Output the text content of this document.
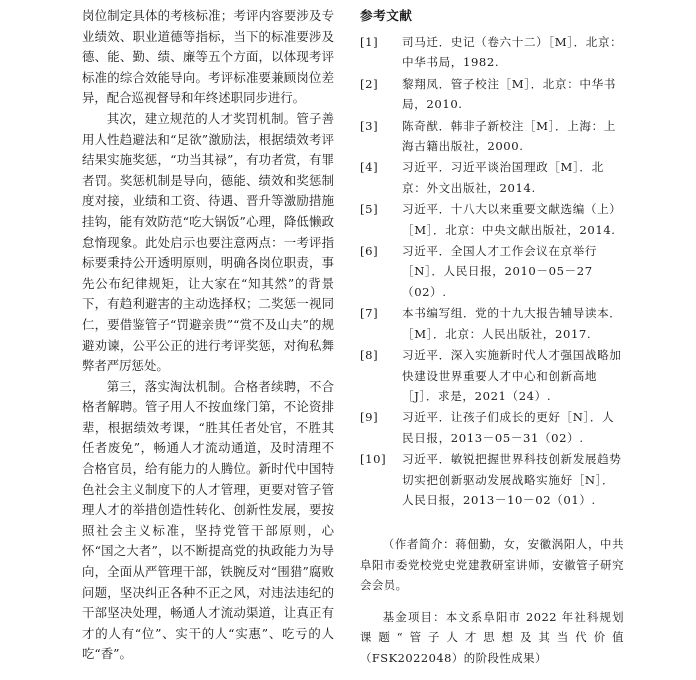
岗位制定具体的考核标准；考评内容要涉及专业绩效、职业道德等指标，当下的标准要涉及德、能、勤、绩、廉等五个方面，以体现考评标准的综合效能导向。考评标准要兼顾岗位差异，配合巡视督导和年终述职同步进行。

其次，建立规范的人才奖罚机制。管子善用人性趋避法和“足欲”激励法，根据绩效考评结果实施奖惩，“功当其禄”，有功者赏，有罪者罚。奖惩机制是导向，德能、绩效和奖惩制度对接，业绩和工资、待遇、晋升等激励措施挂钩，能有效防范“吃大锅饭”心理，降低懒政怠惰现象。此处启示也要注意两点：一考评指标要秉持公开透明原则，明确各岗位职责，事先公布纪律规矩，让大家在“知其然”的背景下，有趋利避害的主动选择权；二奖惩一视同仁，要借鉴管子“罚避亲贵”“赏不及山夫”的规避劝谏，公平公正的进行考评奖惩，对徇私舞弊者严厉惩处。

第三，落实淘汰机制。合格者续聘，不合格者解聘。管子用人不按血缘门第，不论资排辈，根据绩效考课，“胜其任者处官，不胜其任者废免”，畅通人才流动通道，及时清理不合格官员，给有能力的人腾位。新时代中国特色社会主义制度下的人才管理，更要对管子管理人才的举措创造性转化、创新性发展，要按照社会主义标准，坚持党管干部原则，心怀“国之大者”，以不断提高党的执政能力为导向，全面从严管理干部，铁腕反对“围猎”腐败问题，坚决纠正各种不正之风，对违法违纪的干部坚决处理，畅通人才流动渠道，让真正有才的人有“位”、实干的人“实惠”、吃亏的人吃“香”。

参考文献
[1]	司马迁．史记（卷六十二）［M］．北京：中华书局，1982.
[2]	黎翔凤．管子校注［M］．北京：中华书局，2010.
[3]	陈奇猷．韩非子新校注［M］．上海：上海古籍出版社，2000.
[4]	习近平．习近平谈治国理政［M］．北京：外文出版社，2014.
[5]	习近平．十八大以来重要文献选编（上）［M］．北京：中央文献出版社，2014.
[6]	习近平．全国人才工作会议在京举行［N］．人民日报，2010－05－27（02）.
[7]	本书编写组．党的十九大报告辅导读本．［M］．北京：人民出版社，2017.
[8]	习近平．深入实施新时代人才强国战略加快建设世界重要人才中心和创新高地［J］．求是，2021（24）.
[9]	习近平．让孩子们成长的更好［N］．人民日报，2013－05－31（02）.
[10]	习近平．敏锐把握世界科技创新发展趋势切实把创新驱动发展战略实施好［N］．人民日报，2013－10－02（01）.

（作者简介：蒋佃勤，女，安徽涡阳人，中共阜阳市委党校党史党建教研室讲师，安徽管子研究会会员。

基金项目：本文系阜阳市 2022 年社科规划课题“管子人才思想及其当代价值（FSK2022048）的阶段性成果）
